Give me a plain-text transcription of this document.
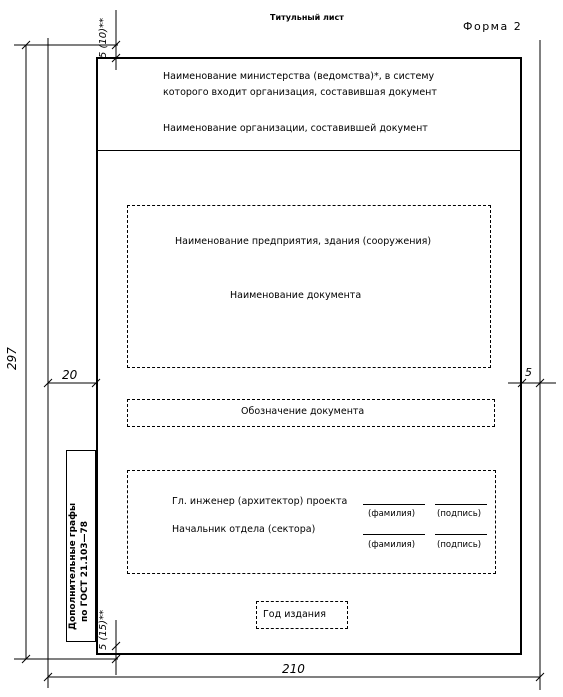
Титульный лист
Форма 2
5 (10)**
5 (15)**
297
20	5
210
Наименование министерства (ведомства)*, в систему
которого входит организация, составившая документ
Наименование организации, составившей документ
Наименование предприятия, здания (сооружения)
Наименование документа
Обозначение документа
Гл. инженер (архитектор) проекта
(фамилия)	(подпись)
Начальник отдела (сектора)
(фамилия)	(подпись)
Дополнительные графы по ГОСТ 21.103—78	Год издания
